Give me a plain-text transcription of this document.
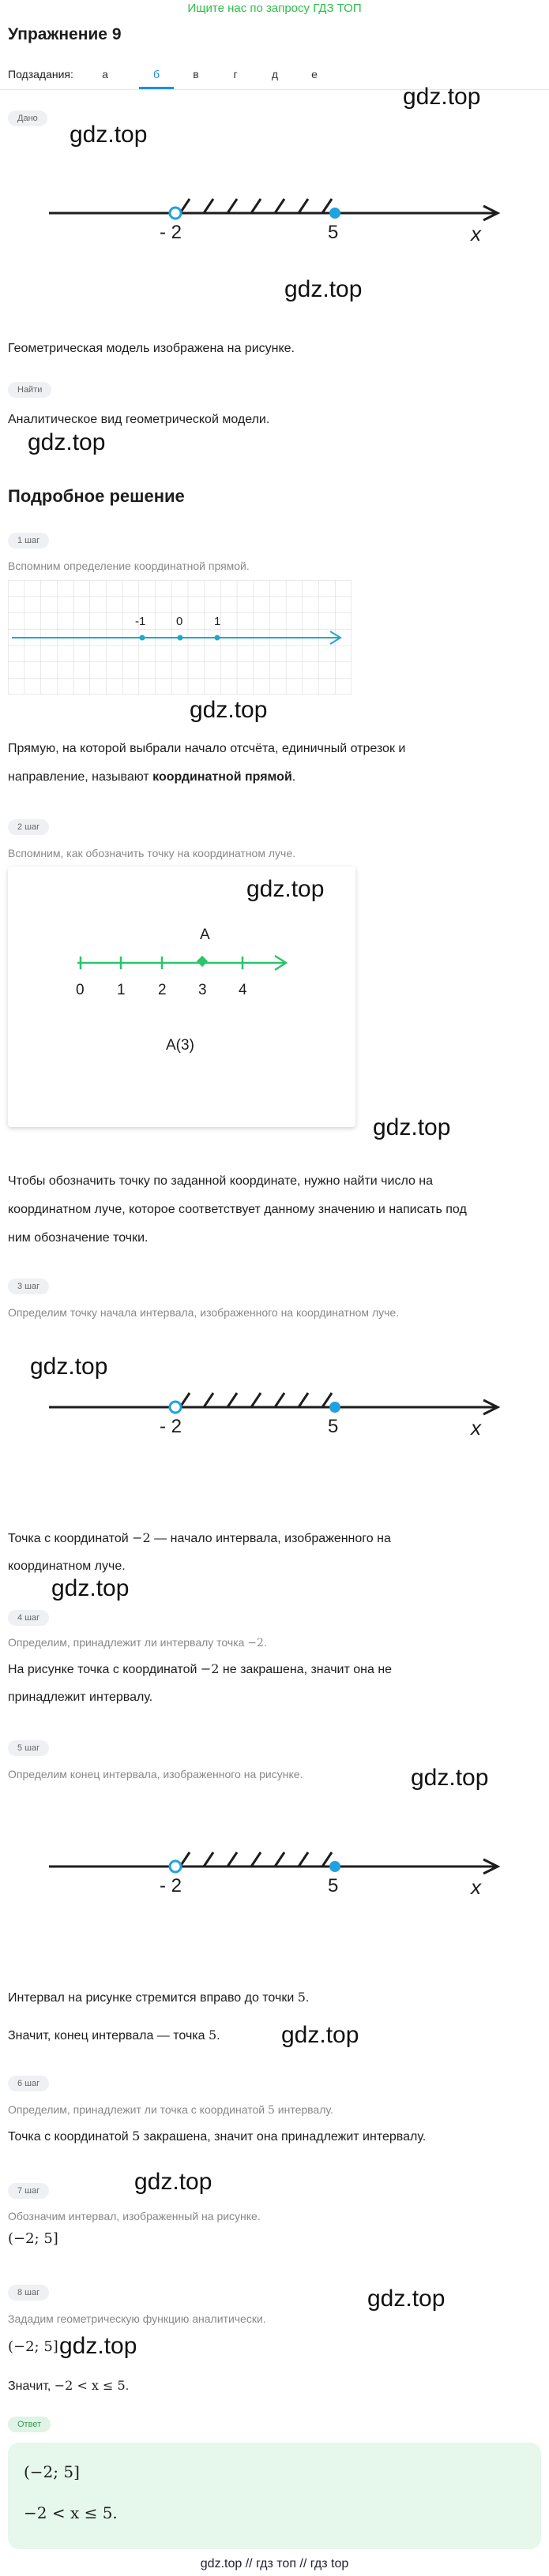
Ищите нас по запросу ГДЗ ТОП
Упражнение 9
Подзадания:	а	б	в	г	д	е
Дано
gdz.top
gdz.top
- 2	5	x
gdz.top
Геометрическая модель изображена на рисунке.
Найти
Аналитическое вид геометрической модели.
gdz.top
Подробное решение
1 шаг
Вспомним определение координатной прямой.
-1	0	1
gdz.top
Прямую, на которой выбрали начало отсчёта, единичный отрезок и
направление, называют координатной прямой.
2 шаг
Вспомним, как обозначить точку на координатном луче.
gdz.top
A
0 1 2 3 4
A(3)
gdz.top
Чтобы обозначить точку по заданной координате, нужно найти число на
координатном луче, которое соответствует данному значению и написать под
ним обозначение точки.
3 шаг
Определим точку начала интервала, изображенного на координатном луче.
gdz.top
- 2	5	x
Точка с координатой −2 — начало интервала, изображенного на
координатном луче.
gdz.top
4 шаг
Определим, принадлежит ли интервалу точка −2.
На рисунке точка с координатой −2 не закрашена, значит она не
принадлежит интервалу.
5 шаг
Определим конец интервала, изображенного на рисунке.	gdz.top
- 2	5	x
Интервал на рисунке стремится вправо до точки 5.
Значит, конец интервала — точка 5.	gdz.top
6 шаг
Определим, принадлежит ли точка с координатой 5 интервалу.
Точка с координатой 5 закрашена, значит она принадлежит интервалу.
gdz.top
7 шаг
Обозначим интервал, изображенный на рисунке.
(−2; 5]
8 шаг
Зададим геометрическую функцию аналитически.
gdz.top
(−2; 5] gdz.top
Значит, −2 < x ≤ 5.
Ответ
(−2; 5]
−2 < x ≤ 5.
gdz.top // гдз топ // гдз top
